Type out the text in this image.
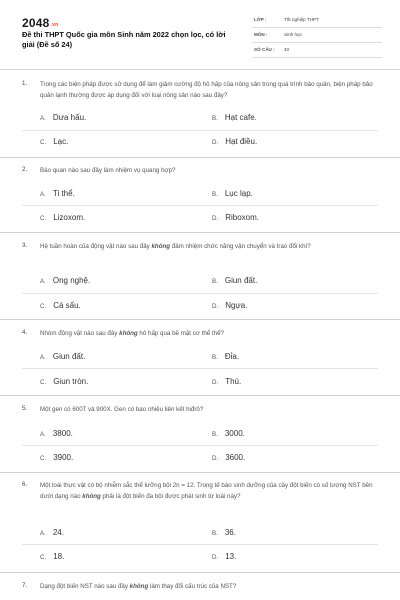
2048.vn
Đề thi THPT Quốc gia môn Sinh năm 2022 chọn lọc, có lời giải (Đề số 24)
LỚP :	Tốt nghiệp THPT
MÔN :	Sinh học
SỐ CÂU : 40
1. Trong các biện pháp được sử dụng để làm giảm cường độ hô hấp của nông sản trong quá trình bảo quản, biện pháp bảo quản lạnh thường được áp dụng đối với loại nông sản nào sau đây?
A. Dưa hấu.	B. Hạt cafe.
C. Lạc.	D. Hạt điều.
2. Bào quan nào sau đây làm nhiệm vụ quang hợp?
A. Ti thể.	B. Lục lạp.
C. Lizoxom.	D. Riboxom.
3. Hệ tuần hoàn của động vật nào sau đây không đảm nhiệm chức năng vận chuyển và trao đổi khí?
A. Ong nghệ.	B. Giun đất.
C. Cá sấu.	D. Ngựa.
4. Nhóm động vật nào sau đây không hô hấp qua bề mặt cơ thể thể?
A. Giun đất.	B. Đỉa.
C. Giun tròn.	D. Thú.
5. Một gen có 600T và 900X. Gen có bao nhiêu liên kết hiđrô?
A. 3800.	B. 3000.
C. 3900.	D. 3600.
6. Một loài thực vật có bộ nhiễm sắc thể lưỡng bội 2n = 12. Trong tế bào sinh dưỡng của cây đột biến có số lượng NST bên dưới dạng nào không phải là đột biến đa bội được phát sinh từ loài này?
A. 24.	B. 36.
C. 18.	D. 13.
7. Dạng đột biến NST nào sau đây không làm thay đổi cấu trúc của NST?
